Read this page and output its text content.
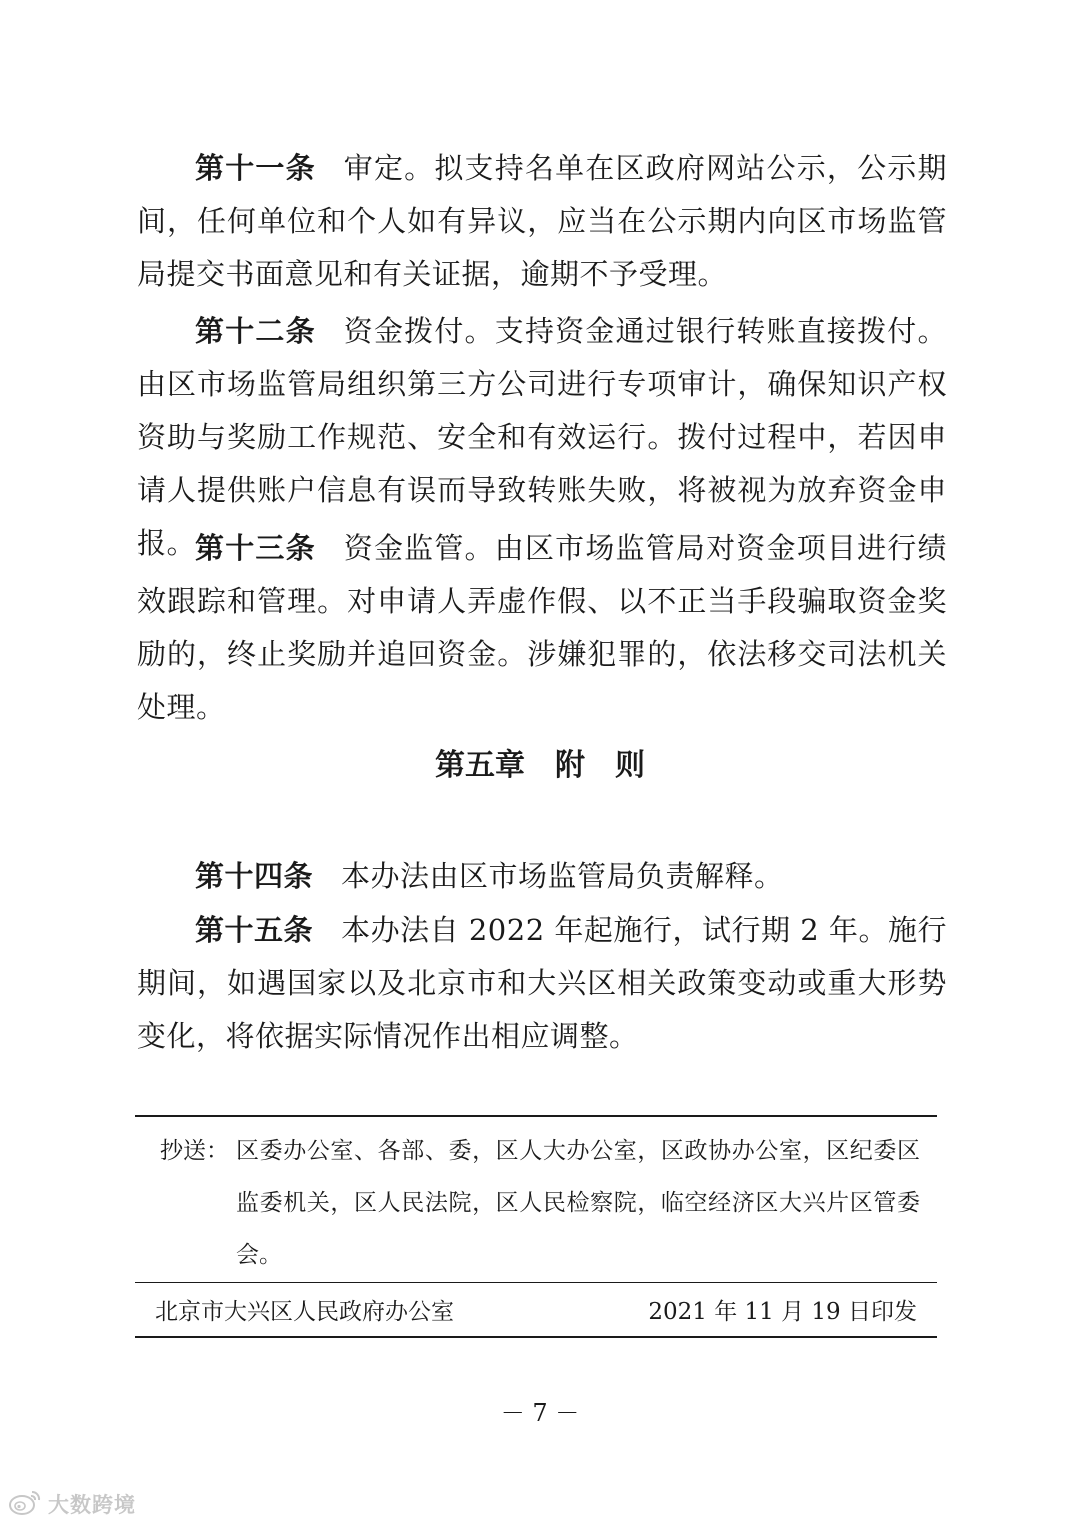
第十一条 审定。拟支持名单在区政府网站公示，公示期间，任何单位和个人如有异议，应当在公示期内向区市场监管局提交书面意见和有关证据，逾期不予受理。

第十二条 资金拨付。支持资金通过银行转账直接拨付。由区市场监管局组织第三方公司进行专项审计，确保知识产权资助与奖励工作规范、安全和有效运行。拨付过程中，若因申请人提供账户信息有误而导致转账失败，将被视为放弃资金申报。

第十三条 资金监管。由区市场监管局对资金项目进行绩效跟踪和管理。对申请人弄虚作假、以不正当手段骗取资金奖励的，终止奖励并追回资金。涉嫌犯罪的，依法移交司法机关处理。

第五章　附　则

第十四条 本办法由区市场监管局负责解释。

第十五条 本办法自 2022 年起施行，试行期 2 年。施行期间，如遇国家以及北京市和大兴区相关政策变动或重大形势变化，将依据实际情况作出相应调整。

抄送： 区委办公室、各部、委，区人大办公室，区政协办公室，区纪委区监委机关，区人民法院，区人民检察院，临空经济区大兴片区管委会。
北京市大兴区人民政府办公室	2021 年 11 月 19 日印发
－ 7 －
大数跨境
